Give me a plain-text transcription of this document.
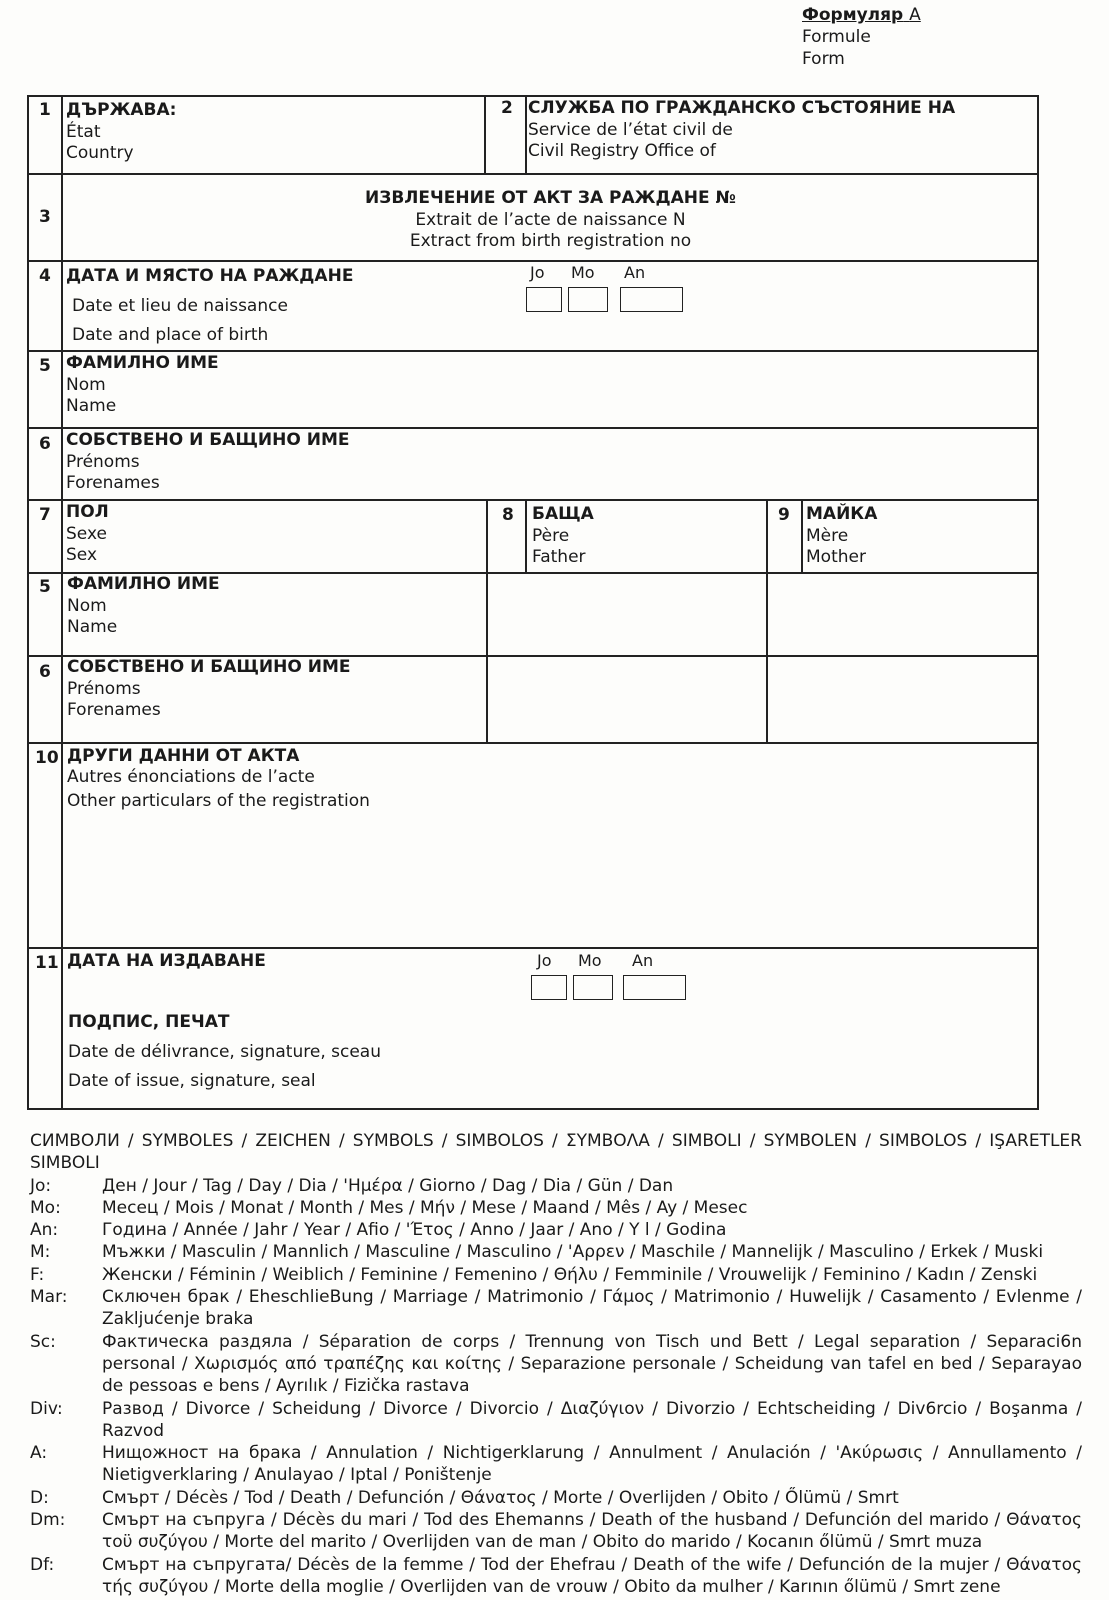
Формуляр A
Formule
Form
1 ДЪРЖАВА:
État
Country
2 СЛУЖБА ПО ГРАЖДАНСКО СЪСТОЯНИЕ НА
Service de l’état civil de
Civil Registry Office of
3
ИЗВЛЕЧЕНИЕ ОТ АКТ ЗА РАЖДАНЕ №
Extrait de l’acte de naissance N
Extract from birth registration no
4 ДАТА И МЯСТО НА РАЖДАНЕ
Date et lieu de naissance
Date and place of birth
Jo Mo An
5 ФАМИЛНО ИМЕ
Nom
Name
6 СОБСТВЕНО И БАЩИНО ИМЕ
Prénoms
Forenames
7 ПОЛ
Sexe
Sex
8 БАЩА
Père
Father
9 МАЙКА
Mère
Mother
5 ФАМИЛНО ИМЕ
Nom
Name
6 СОБСТВЕНО И БАЩИНО ИМЕ
Prénoms
Forenames
10 ДРУГИ ДАННИ ОТ АКТА
Autres énonciations de l’acte
Other particulars of the registration
11 ДАТА НА ИЗДАВАНЕ
ПОДПИС, ПЕЧАТ
Date de délivrance, signature, sceau
Date of issue, signature, seal
Jo Mo An
СИМВОЛИ / SYMBOLES / ZEICHEN / SYMBOLS / SIMBOLOS / ΣΥΜΒΟΛΑ / SIMBOLI / SYMBOLEN / SIMBOLOS / IŞARETLER SIMBOLI
Jo:	Ден / Jour / Tag / Day / Dia / 'Ημέρα / Giorno / Dag / Dia / Gün / Dan
Mo: Месец / Mois / Monat / Month / Mes / Μήν / Mese / Maand / Mês / Ay / Mesec
An:	Година / Année / Jahr / Year / Afio / 'Έτος / Anno / Jaar / Ano / Y l / Godina
M:	Мъжки / Masculin / Mannlich / Masculine / Masculino / 'Αρρεν / Maschile / Mannelijk / Masculino / Erkek / Muski
F:	Женски / Féminin / Weiblich / Feminine / Femenino / Θήλυ / Femminile / Vrouwelijk / Feminino / Kadın / Zenski
Mar: Сключен брак / EheschlieBung / Marriage / Matrimonio / Γάμος / Matrimonio / Huwelijk / Casamento / Evlenme / Zakljućenje braka
Sc:	Фактическа раздяла / Séparation de corps / Trennung von Tisch und Bett / Legal separation / Separaci6n personal / Χωρισμός από τραπέζης και κοίτης / Separazione personale / Scheidung van tafel en bed / Separayao de pessoas e bens / Ayrılık / Fizička rastava
Div: Развод / Divorce / Scheidung / Divorce / Divorcio / Διαζύγιον / Divorzio / Echtscheiding / Div6rcio / Boşanma / Razvod
A:	Нищожност на брака / Annulation / Nichtigerklarung / Annulment / Anulación / 'Ακύρωσις / Annullamento / Nietigverklaring / Anulayao / Iptal / Poništenje
D:	Смърт / Décès / Tod / Death / Defunción / Θάνατος / Morte / Overlijden / Obito / Őlümü / Smrt
Dm: Смърт на съпруга / Décès du mari / Tod des Ehemanns / Death of the husband / Defunción del marido / Θάνατος τοϋ συζύγου / Morte del marito / Overlijden van de man / Obito do marido / Kocanın őlümü / Smrt muza
Df:	Смърт на съпругата/ Décès de la femme / Tod der Ehefrau / Death of the wife / Defunción de la mujer / Θάνατος τής συζύγου / Morte della moglie / Overlijden van de vrouw / Obito da mulher / Karının őlümü / Smrt zene
